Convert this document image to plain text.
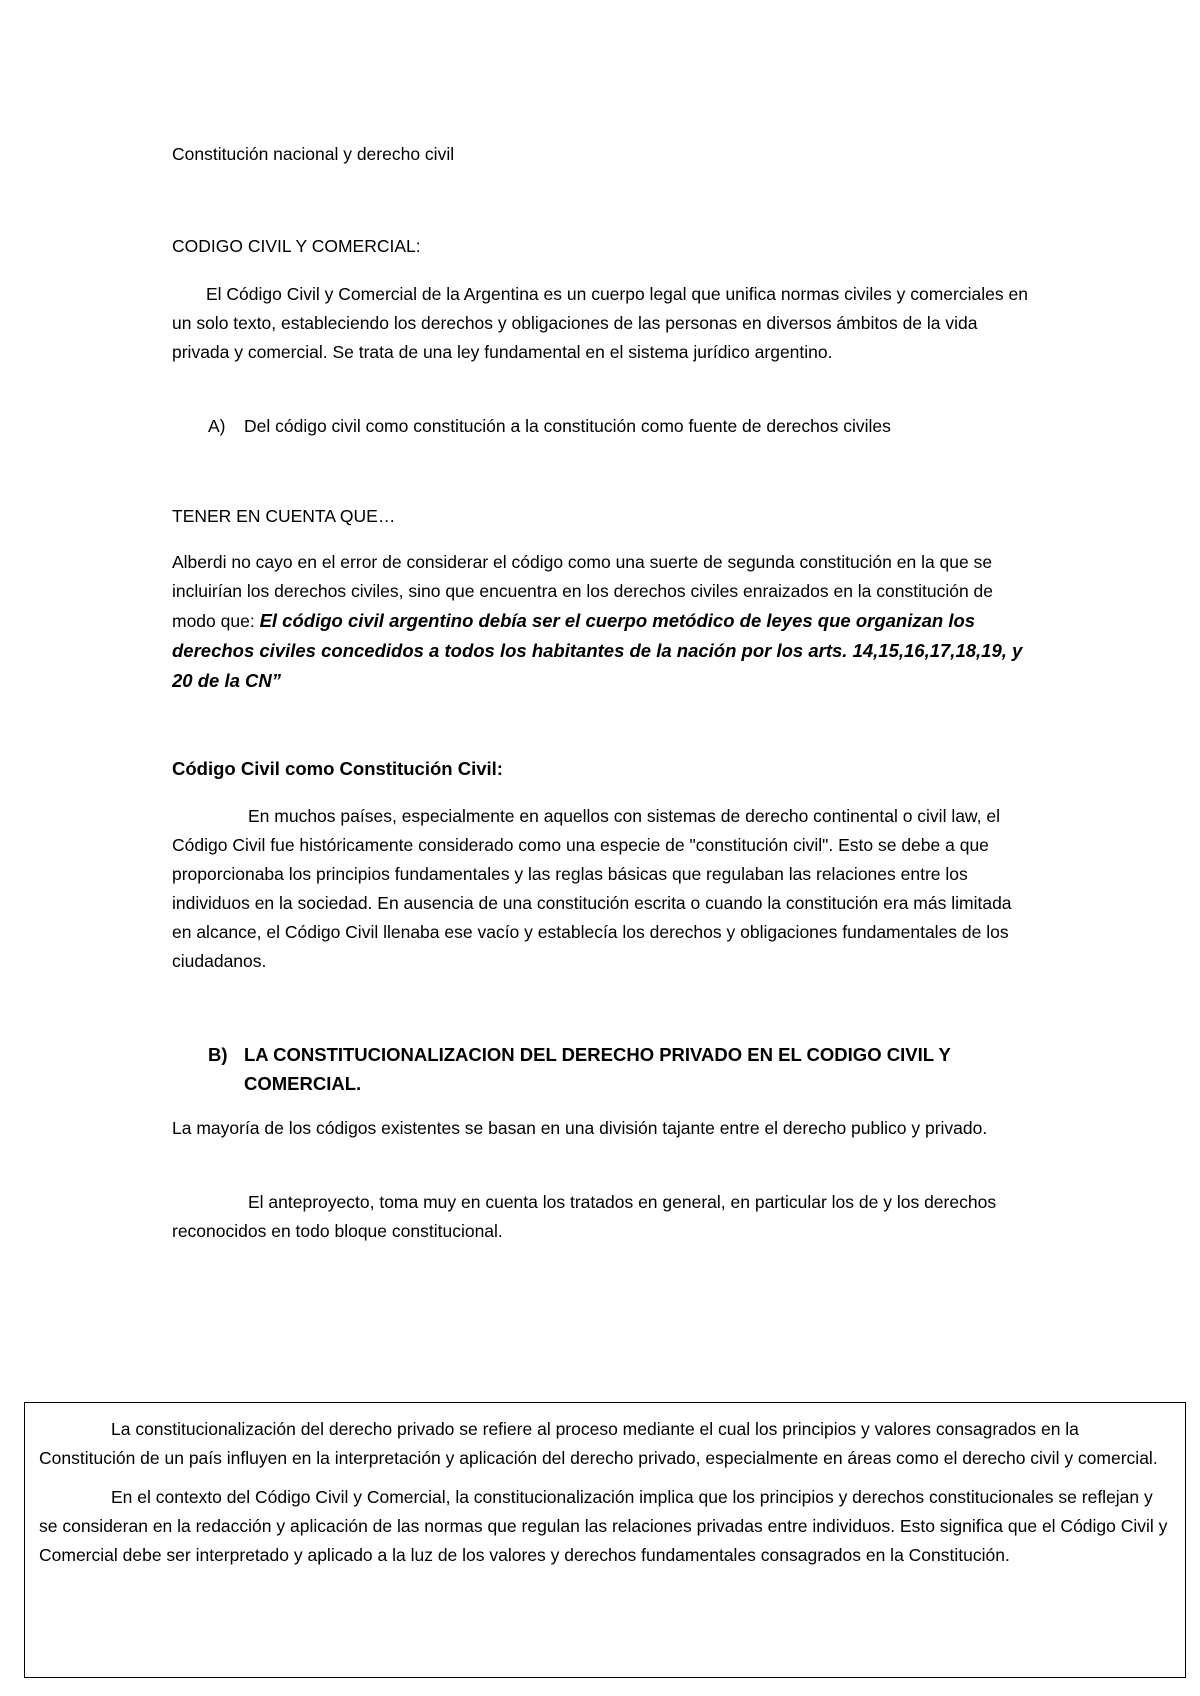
Constitución nacional y derecho civil

CODIGO CIVIL Y COMERCIAL:

El Código Civil y Comercial de la Argentina es un cuerpo legal que unifica normas civiles y comerciales en un solo texto, estableciendo los derechos y obligaciones de las personas en diversos ámbitos de la vida privada y comercial. Se trata de una ley fundamental en el sistema jurídico argentino.

A)	Del código civil como constitución a la constitución como fuente de derechos civiles

TENER EN CUENTA QUE…

Alberdi no cayo en el error de considerar el código como una suerte de segunda constitución en la que se incluirían los derechos civiles, sino que encuentra en los derechos civiles enraizados en la constitución de modo que: El código civil argentino debía ser el cuerpo metódico de leyes que organizan los derechos civiles concedidos a todos los habitantes de la nación por los arts. 14,15,16,17,18,19, y 20 de la CN”

Código Civil como Constitución Civil:

En muchos países, especialmente en aquellos con sistemas de derecho continental o civil law, el Código Civil fue históricamente considerado como una especie de "constitución civil". Esto se debe a que proporcionaba los principios fundamentales y las reglas básicas que regulaban las relaciones entre los individuos en la sociedad. En ausencia de una constitución escrita o cuando la constitución era más limitada en alcance, el Código Civil llenaba ese vacío y establecía los derechos y obligaciones fundamentales de los ciudadanos.

B) LA CONSTITUCIONALIZACION DEL DERECHO PRIVADO EN EL CODIGO CIVIL Y COMERCIAL.

La mayoría de los códigos existentes se basan en una división tajante entre el derecho publico y privado.

El anteproyecto, toma muy en cuenta los tratados en general, en particular los de y los derechos reconocidos en todo bloque constitucional.

La constitucionalización del derecho privado se refiere al proceso mediante el cual los principios y valores consagrados en la Constitución de un país influyen en la interpretación y aplicación del derecho privado, especialmente en áreas como el derecho civil y comercial.

En el contexto del Código Civil y Comercial, la constitucionalización implica que los principios y derechos constitucionales se reflejan y se consideran en la redacción y aplicación de las normas que regulan las relaciones privadas entre individuos. Esto significa que el Código Civil y Comercial debe ser interpretado y aplicado a la luz de los valores y derechos fundamentales consagrados en la Constitución.
